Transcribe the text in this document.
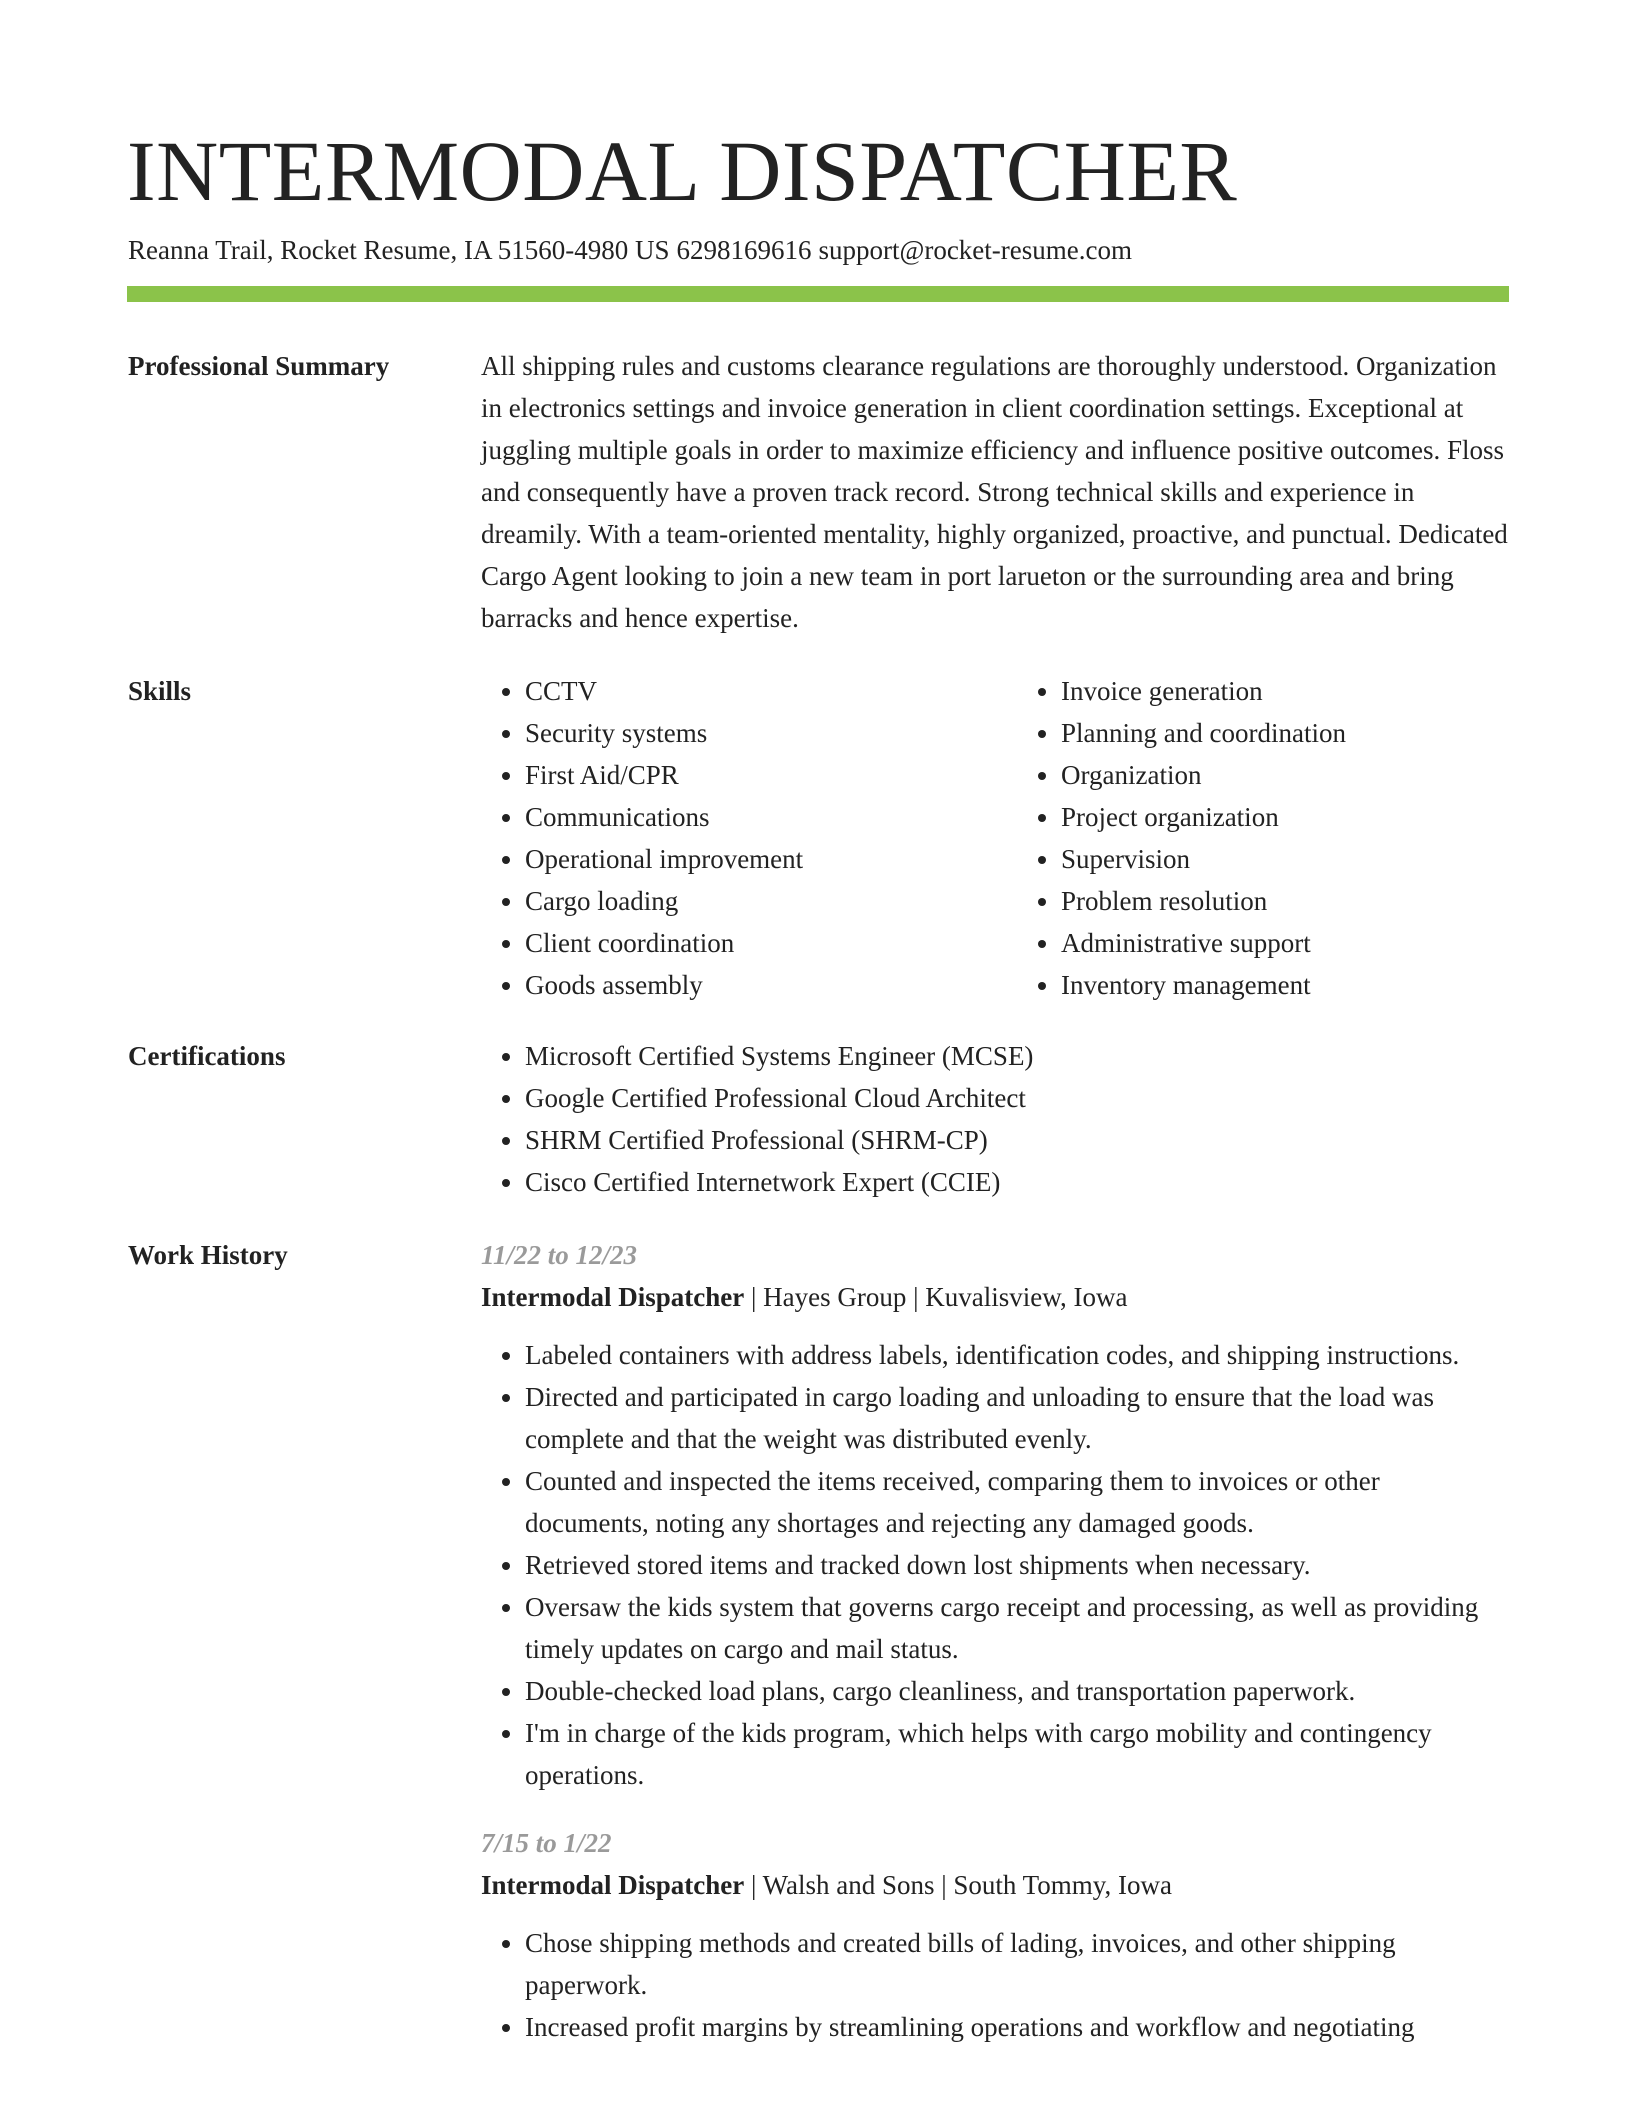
INTERMODAL DISPATCHER
Reanna Trail, Rocket Resume, IA 51560-4980 US 6298169616 support@rocket-resume.com
Professional Summary	All shipping rules and customs clearance regulations are thoroughly understood. Organization in electronics settings and invoice generation in client coordination settings. Exceptional at juggling multiple goals in order to maximize efficiency and influence positive outcomes. Floss and consequently have a proven track record. Strong technical skills and experience in dreamily. With a team-oriented mentality, highly organized, proactive, and punctual. Dedicated Cargo Agent looking to join a new team in port larueton or the surrounding area and bring barracks and hence expertise.

Skills	• CCTV
• Security systems
• First Aid/CPR
• Communications
• Operational improvement
• Cargo loading
• Client coordination
• Goods assembly
• Invoice generation
• Planning and coordination
• Organization
• Project organization
• Supervision
• Problem resolution
• Administrative support
• Inventory management
Certifications	• Microsoft Certified Systems Engineer (MCSE)
• Google Certified Professional Cloud Architect
• SHRM Certified Professional (SHRM-CP)
• Cisco Certified Internetwork Expert (CCIE)
Work History	11/22 to 12/23
Intermodal Dispatcher | Hayes Group | Kuvalisview, Iowa
• Labeled containers with address labels, identification codes, and shipping instructions.
• Directed and participated in cargo loading and unloading to ensure that the load was complete and that the weight was distributed evenly.
• Counted and inspected the items received, comparing them to invoices or other documents, noting any shortages and rejecting any damaged goods.
• Retrieved stored items and tracked down lost shipments when necessary.
• Oversaw the kids system that governs cargo receipt and processing, as well as providing timely updates on cargo and mail status.
• Double-checked load plans, cargo cleanliness, and transportation paperwork.
• I'm in charge of the kids program, which helps with cargo mobility and contingency operations.
7/15 to 1/22
Intermodal Dispatcher | Walsh and Sons | South Tommy, Iowa
• Chose shipping methods and created bills of lading, invoices, and other shipping paperwork.
• Increased profit margins by streamlining operations and workflow and negotiating
